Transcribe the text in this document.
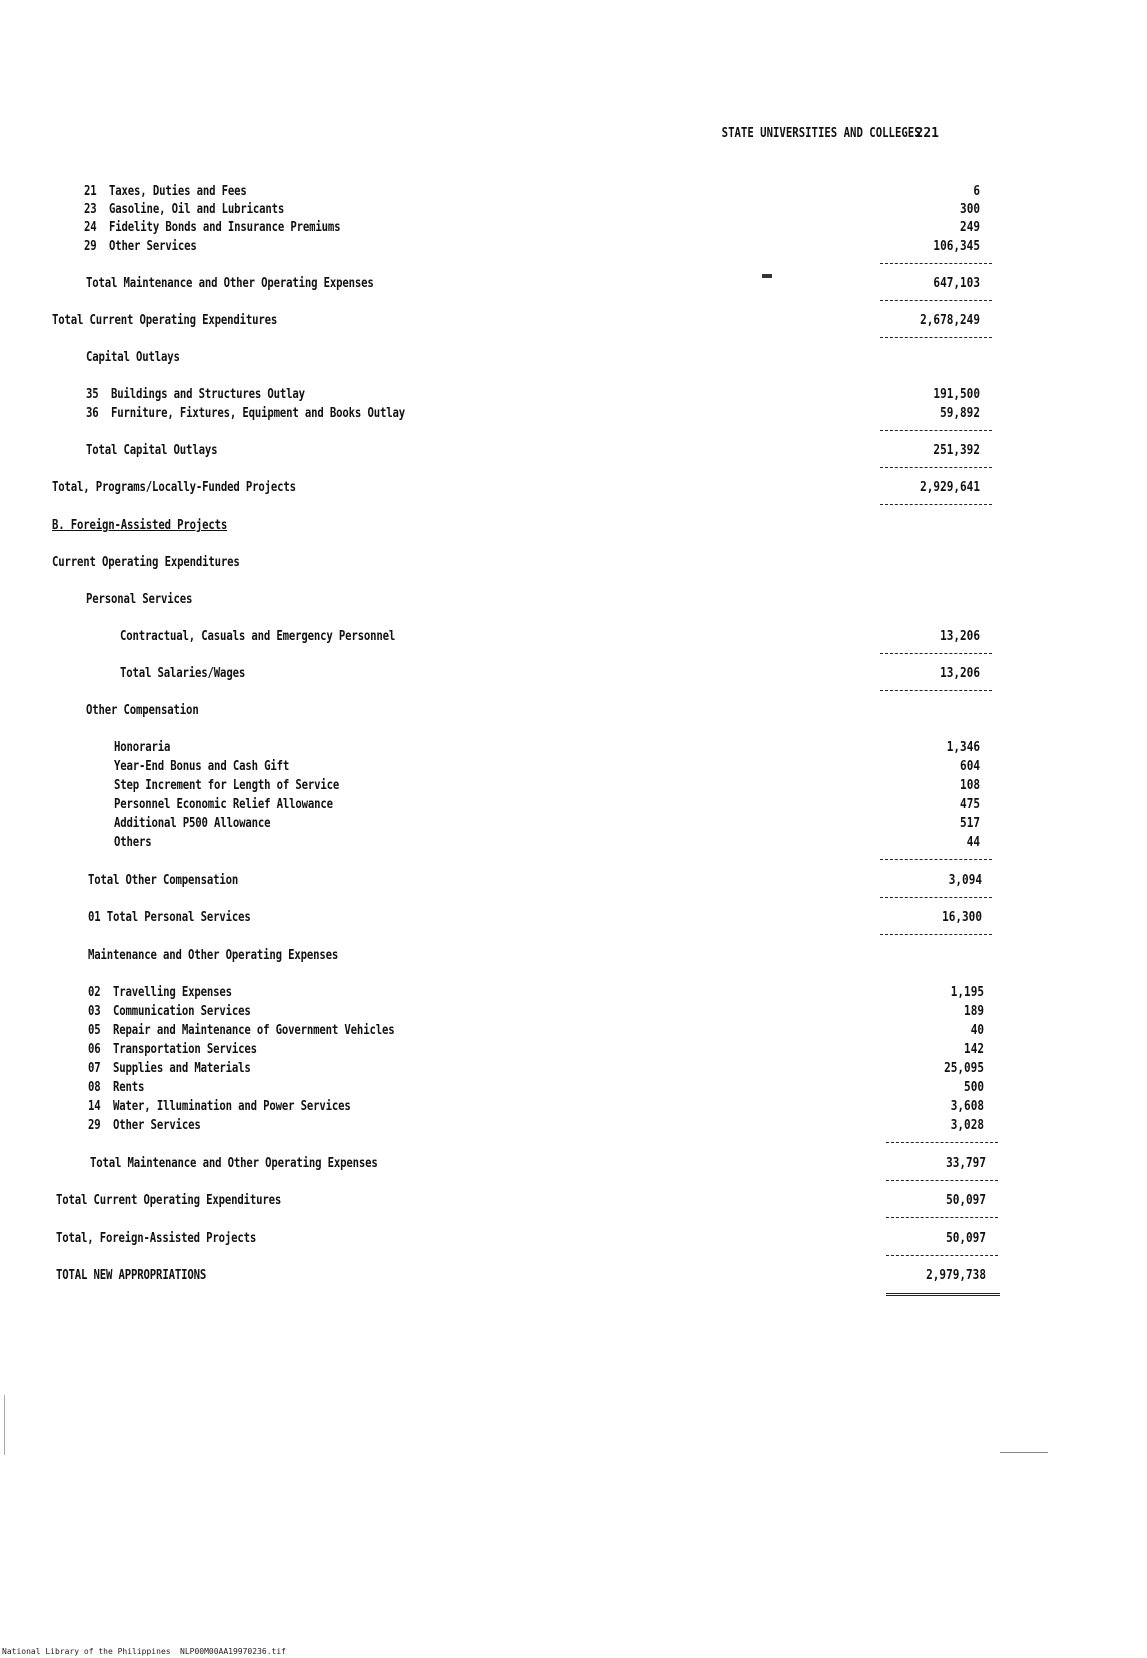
STATE UNIVERSITIES AND COLLEGES
221
21 Taxes, Duties and Fees	6
23 Gasoline, Oil and Lubricants	300
24 Fidelity Bonds and Insurance Premiums	249
29 Other Services	106,345
Total Maintenance and Other Operating Expenses	647,103
Total Current Operating Expenditures	2,678,249
Capital Outlays
35 Buildings and Structures Outlay	191,500
36 Furniture, Fixtures, Equipment and Books Outlay	59,892
Total Capital Outlays	251,392
Total, Programs/Locally-Funded Projects	2,929,641
B. Foreign-Assisted Projects
Current Operating Expenditures
Personal Services
Contractual, Casuals and Emergency Personnel	13,206
Total Salaries/Wages	13,206
Other Compensation
Honoraria	1,346
Year-End Bonus and Cash Gift	604
Step Increment for Length of Service	108
Personnel Economic Relief Allowance	475
Additional P500 Allowance	517
Others	44
Total Other Compensation	3,094
01 Total Personal Services	16,300
Maintenance and Other Operating Expenses
02 Travelling Expenses	1,195
03 Communication Services	189
05 Repair and Maintenance of Government Vehicles	40
06 Transportation Services	142
07 Supplies and Materials	25,095
08 Rents	500
14 Water, Illumination and Power Services	3,608
29 Other Services	3,028
Total Maintenance and Other Operating Expenses	33,797
Total Current Operating Expenditures	50,097
Total, Foreign-Assisted Projects	50,097
TOTAL NEW APPROPRIATIONS	2,979,738
National Library of the Philippines NLP00M00AA19970236.tif
